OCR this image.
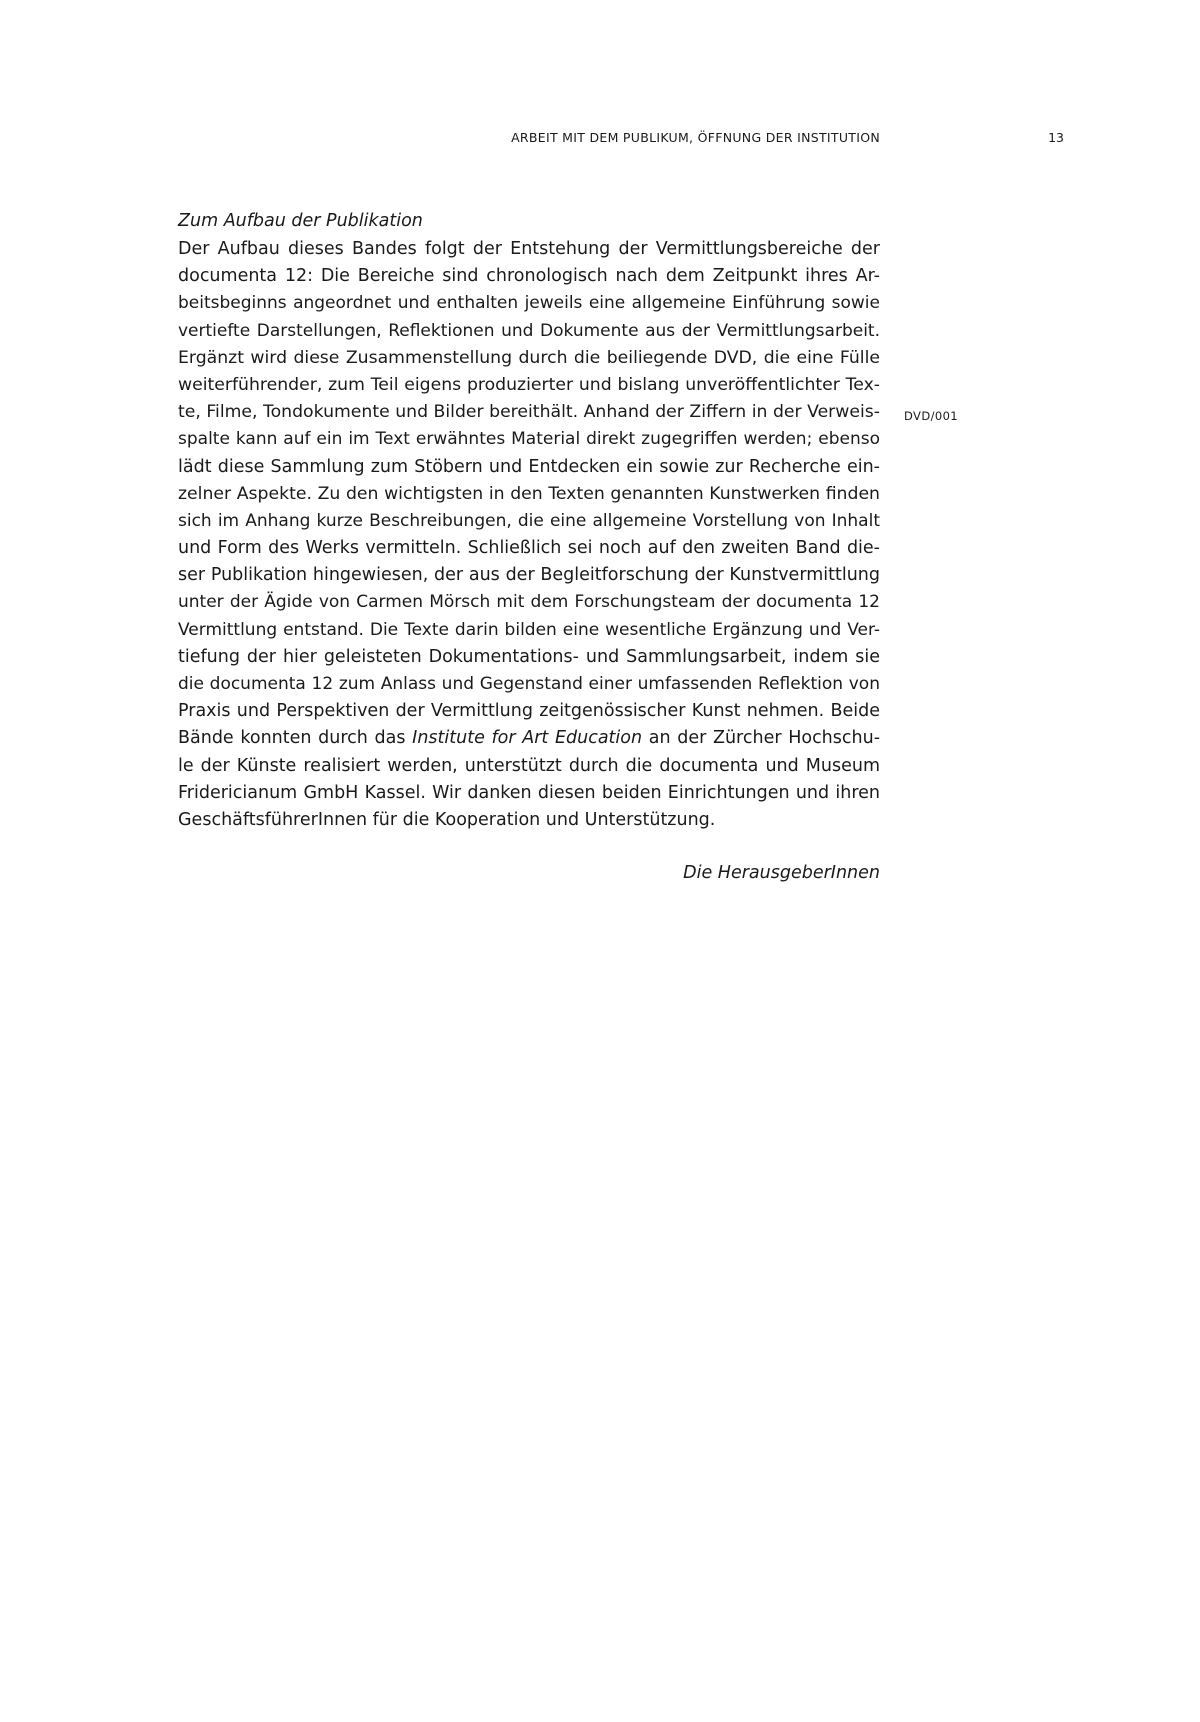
ARBEIT MIT DEM PUBLIKUM, ÖFFNUNG DER INSTITUTION	13
Zum Aufbau der Publikation
Der Aufbau dieses Bandes folgt der Entstehung der Vermittlungsbereiche der
documenta 12: Die Bereiche sind chronologisch nach dem Zeitpunkt ihres Ar-
beitsbeginns angeordnet und enthalten jeweils eine allgemeine Einführung sowie
vertiefte Darstellungen, Reflektionen und Dokumente aus der Vermittlungsarbeit.
Ergänzt wird diese Zusammenstellung durch die beiliegende DVD, die eine Fülle
weiterführender, zum Teil eigens produzierter und bislang unveröffentlichter Tex-
te, Filme, Tondokumente und Bilder bereithält. Anhand der Ziffern in der Verweis-
spalte kann auf ein im Text erwähntes Material direkt zugegriffen werden; ebenso
lädt diese Sammlung zum Stöbern und Entdecken ein sowie zur Recherche ein-
zelner Aspekte. Zu den wichtigsten in den Texten genannten Kunstwerken finden
sich im Anhang kurze Beschreibungen, die eine allgemeine Vorstellung von Inhalt
und Form des Werks vermitteln. Schließlich sei noch auf den zweiten Band die-
ser Publikation hingewiesen, der aus der Begleitforschung der Kunstvermittlung
unter der Ägide von Carmen Mörsch mit dem Forschungsteam der documenta 12
Vermittlung entstand. Die Texte darin bilden eine wesentliche Ergänzung und Ver-
tiefung der hier geleisteten Dokumentations- und Sammlungsarbeit, indem sie
die documenta 12 zum Anlass und Gegenstand einer umfassenden Reflektion von
Praxis und Perspektiven der Vermittlung zeitgenössischer Kunst nehmen. Beide
Bände konnten durch das Institute for Art Education an der Zürcher Hochschu-
le der Künste realisiert werden, unterstützt durch die documenta und Museum
Fridericianum GmbH Kassel. Wir danken diesen beiden Einrichtungen und ihren
GeschäftsführerInnen für die Kooperation und Unterstützung.
DVD/001
Die HerausgeberInnen
